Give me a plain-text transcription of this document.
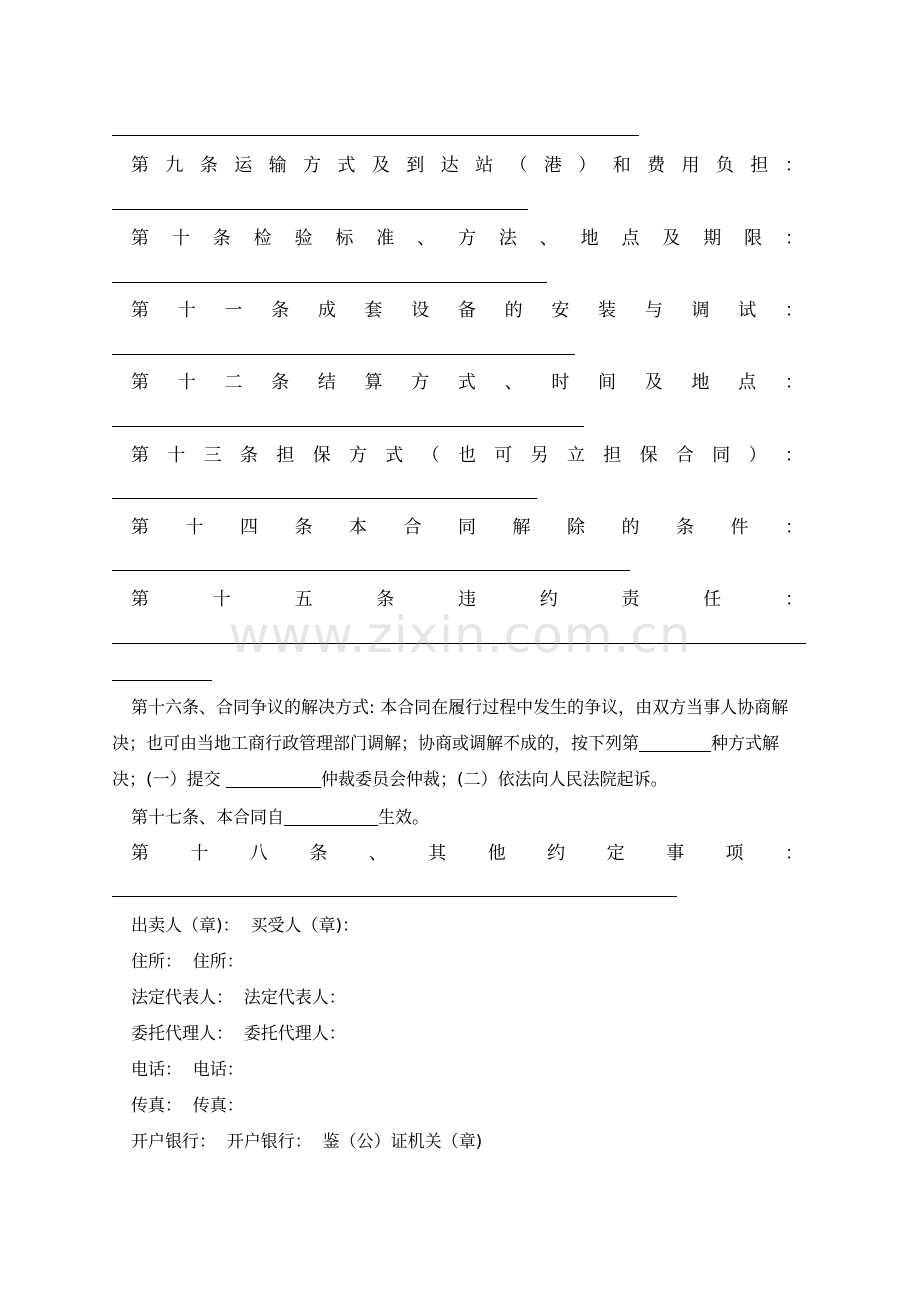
第 九 条 运 输 方 式 及 到 达 站 （ 港 ） 和 费 用 负 担 ：
第 十 条 检 验 标 准 、 方 法 、 地 点 及 期 限 ：
第 十 一 条 成 套 设 备 的 安 装 与 调 试 ：
第 十 二 条 结 算 方 式 、 时 间 及 地 点 ：
第 十 三 条 担 保 方 式 （ 也 可 另 立 担 保 合 同 ） ：
第 十 四 条 本 合 同 解 除 的 条 件 ：
第	十	五	条	违	约	责	任	：
www.zixin.com.cn
第十六条、合同争议的解决方式: 本合同在履行过程中发生的争议，由双方当事人协商解决；也可由当地工商行政管理部门调解；协商或调解不成的，按下列第	种方式解决；(一）提交	仲裁委员会仲裁；(二）依法向人民法院起诉。
第十七条、本合同自	生效。
第 十 八 条 、 其 他 约 定 事 项 ：
出卖人（章)：  买受人（章)：
住所：  住所：
法定代表人：  法定代表人：
委托代理人：  委托代理人：
电话：  电话：
传真：  传真：
开户银行：  开户银行：  鉴（公）证机关（章)
